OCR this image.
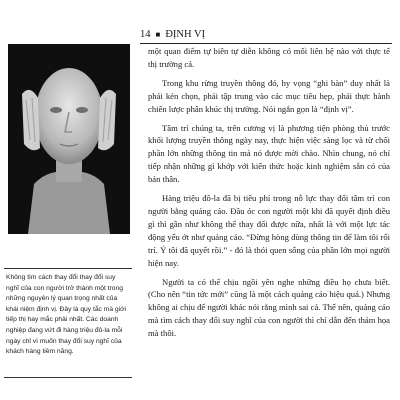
14 ■ ĐỊNH VỊ
Không tìm cách thay đổi thay đổi suy nghĩ của con người trở thành một trong những nguyên lý quan trọng nhất của khái niệm định vị. Đây là quy tắc mà giới tiếp thị hay mắc phải nhất. Các doanh nghiệp đang vứt đi hàng triệu đô-la mỗi ngày chỉ vì muốn thay đổi suy nghĩ của khách hàng tiềm năng.

một quan điểm tự biên tự diễn không có mối liên hệ nào với thực tế thị trường cả.

Trong khu rừng truyền thông đó, hy vọng “ghi bàn” duy nhất là phải kén chọn, phải tập trung vào các mục tiêu hẹp, phải thực hành chiến lược phân khúc thị trường. Nói ngắn gọn là “định vị”.

Tâm trí chúng ta, trên cương vị là phương tiện phòng thủ trước khối lượng truyền thông ngày nay, thực hiện việc sàng lọc và từ chối phần lớn những thông tin mà nó được mời chào. Nhìn chung, nó chỉ tiếp nhận những gì khớp với kiến thức hoặc kinh nghiệm sẵn có của bản thân.

Hàng triệu đô-la đã bị tiêu phí trong nỗ lực thay đổi tâm trí con người bằng quảng cáo. Đầu óc con người một khi đã quyết định điều gì thì gần như không thể thay đổi được nữa, nhất là với một lực tác động yếu ớt như quảng cáo. “Đừng hòng dùng thông tin để làm tôi rối trí. Ý tôi đã quyết rồi.” - đó là thói quen sống của phần lớn mọi người hiện nay.

Người ta có thể chịu ngồi yên nghe những điều họ chưa biết. (Cho nên “tin tức mới” cũng là một cách quảng cáo hiệu quả.) Nhưng không ai chịu để người khác nói rằng mình sai cả. Thế nên, quảng cáo mà tìm cách thay đổi suy nghĩ của con người thì chỉ dẫn đến thảm họa mà thôi.
